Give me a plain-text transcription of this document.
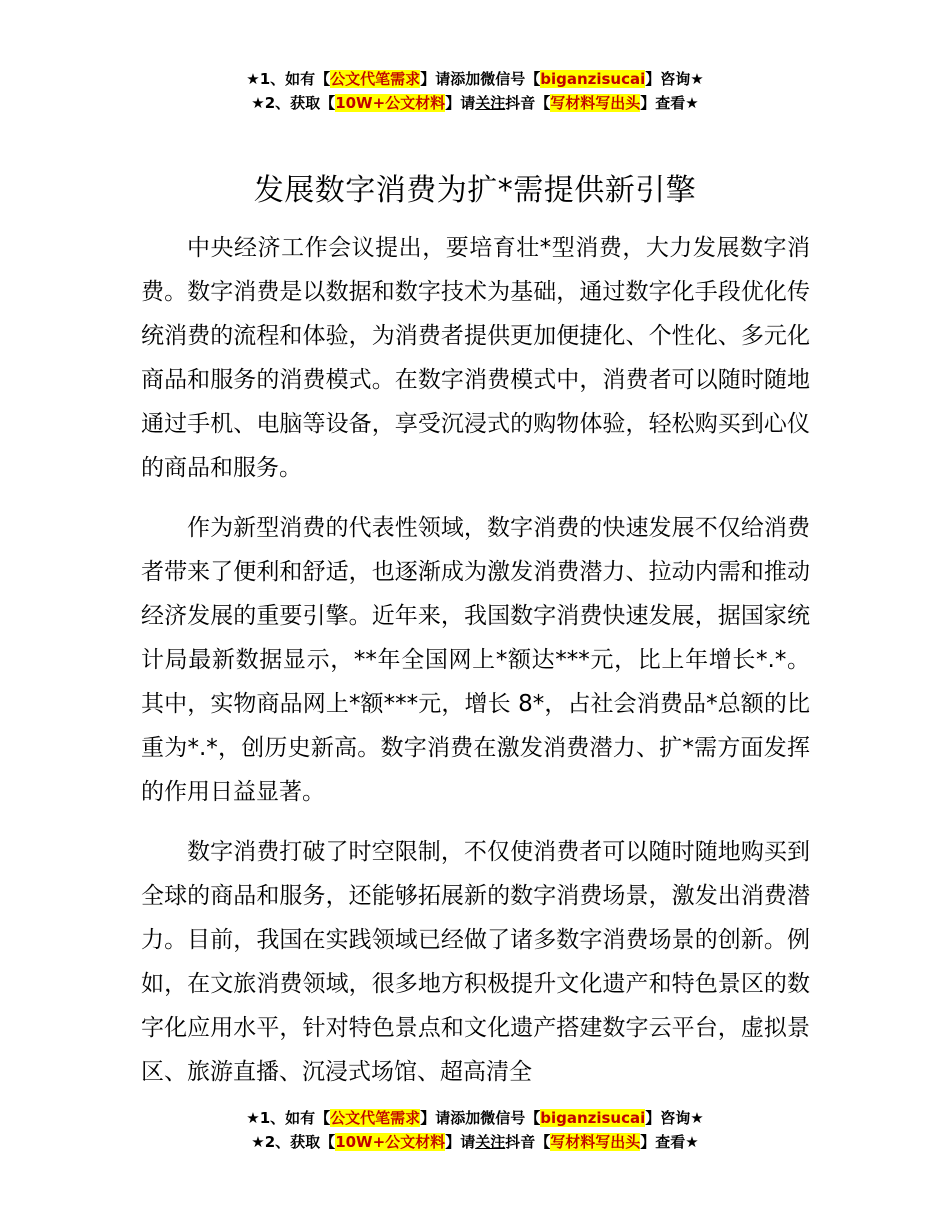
★1、如有【公文代笔需求】请添加微信号【biganzisucai】咨询★
★2、获取【10W+公文材料】请关注抖音【写材料写出头】查看★
发展数字消费为扩*需提供新引擎

中央经济工作会议提出，要培育壮*型消费，大力发展数字消费。数字消费是以数据和数字技术为基础，通过数字化手段优化传统消费的流程和体验，为消费者提供更加便捷化、个性化、多元化商品和服务的消费模式。在数字消费模式中，消费者可以随时随地通过手机、电脑等设备，享受沉浸式的购物体验，轻松购买到心仪的商品和服务。

作为新型消费的代表性领域，数字消费的快速发展不仅给消费者带来了便利和舒适，也逐渐成为激发消费潜力、拉动内需和推动经济发展的重要引擎。近年来，我国数字消费快速发展，据国家统计局最新数据显示，**年全国网上*额达***元，比上年增长*.*。其中，实物商品网上*额***元，增长 8*，占社会消费品*总额的比重为*.*，创历史新高。数字消费在激发消费潜力、扩*需方面发挥的作用日益显著。

数字消费打破了时空限制，不仅使消费者可以随时随地购买到全球的商品和服务，还能够拓展新的数字消费场景，激发出消费潜力。目前，我国在实践领域已经做了诸多数字消费场景的创新。例如，在文旅消费领域，很多地方积极提升文化遗产和特色景区的数字化应用水平，针对特色景点和文化遗产搭建数字云平台，虚拟景区、旅游直播、沉浸式场馆、超高清全

★1、如有【公文代笔需求】请添加微信号【biganzisucai】咨询★
★2、获取【10W+公文材料】请关注抖音【写材料写出头】查看★
